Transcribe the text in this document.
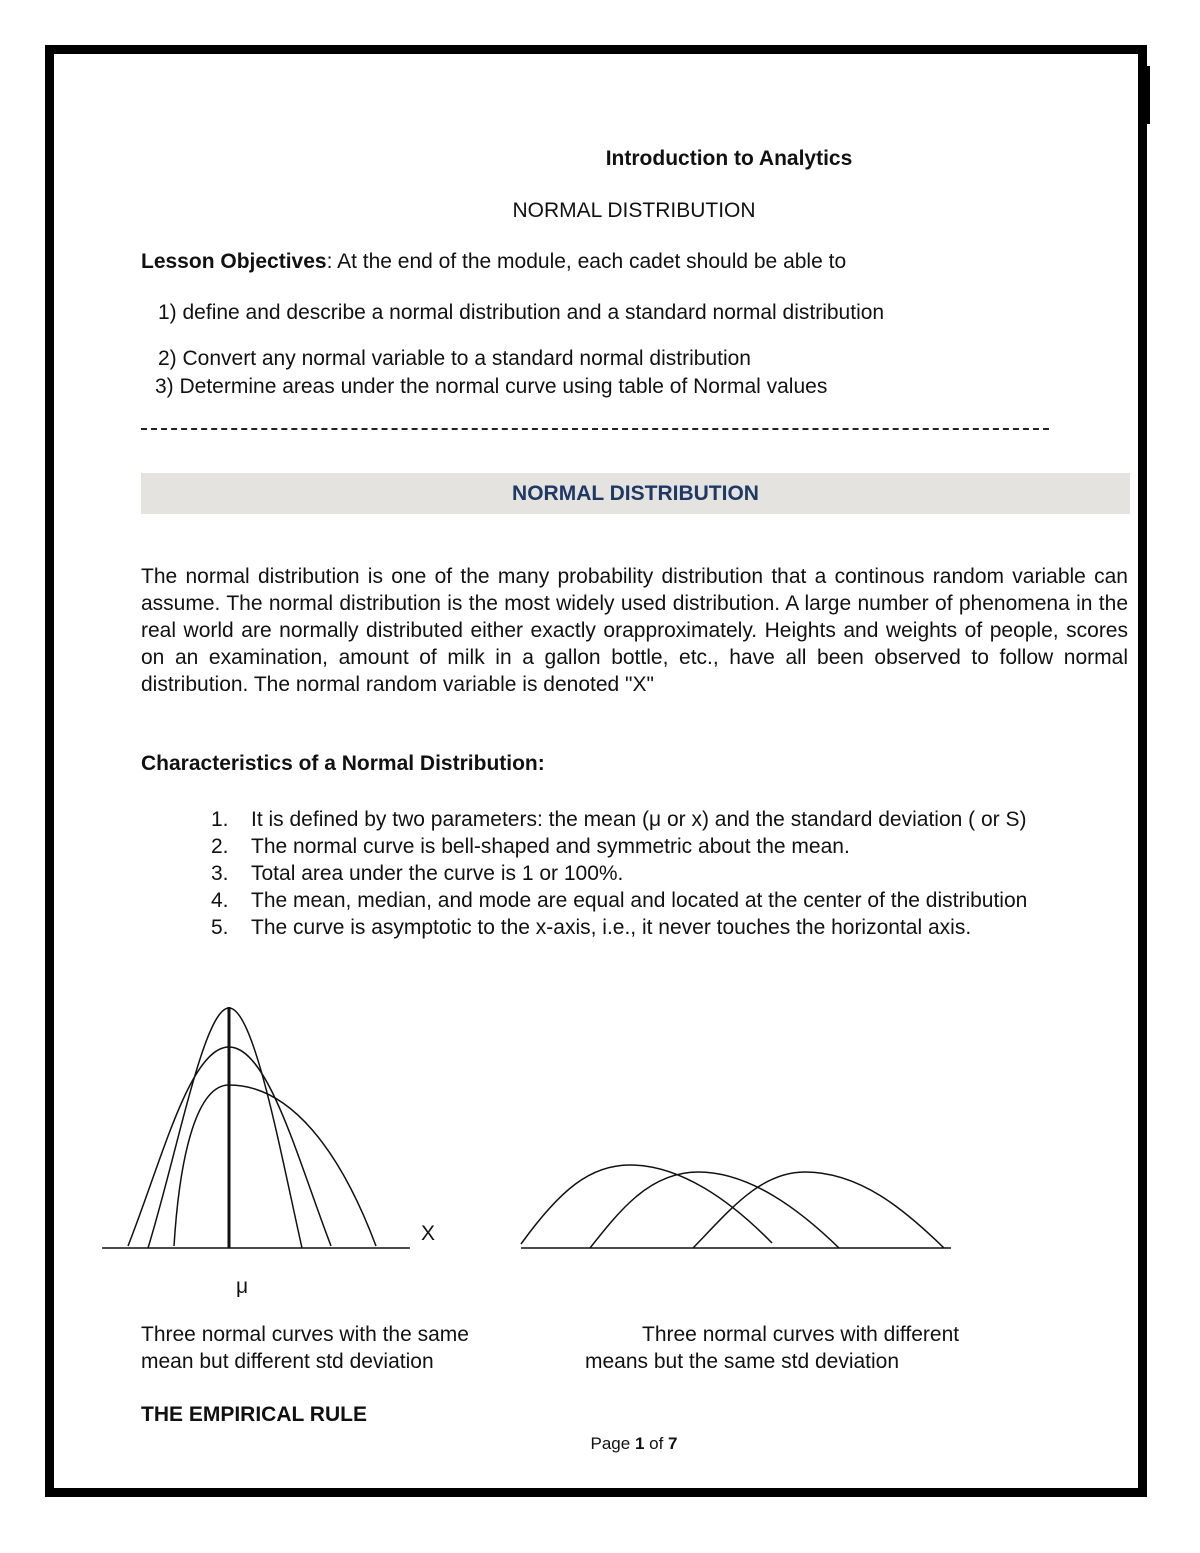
Introduction to Analytics
NORMAL DISTRIBUTION
Lesson Objectives: At the end of the module, each cadet should be able to
1) define and describe a normal distribution and a standard normal distribution
2) Convert any normal variable to a standard normal distribution
3) Determine areas under the normal curve using table of Normal values
NORMAL DISTRIBUTION
The normal distribution is one of the many probability distribution that a continous random variable can assume. The normal distribution is the most widely used distribution. A large number of phenomena in the real world are normally distributed either exactly orapproximately. Heights and weights of people, scores on an examination, amount of milk in a gallon bottle, etc., have all been observed to follow normal distribution. The normal random variable is denoted "X"
Characteristics of a Normal Distribution:
1.	It is defined by two parameters: the mean (μ or x) and the standard deviation ( or S)
2.	The normal curve is bell-shaped and symmetric about the mean.
3.	Total area under the curve is 1 or 100%.
4.	The mean, median, and mode are equal and located at the center of the distribution
5.	The curve is asymptotic to the x-axis, i.e., it never touches the horizontal axis.
X
μ
Three normal curves with the same
mean but different std deviation
Three normal curves with different
means but the same std deviation
THE EMPIRICAL RULE
Page 1 of 7
